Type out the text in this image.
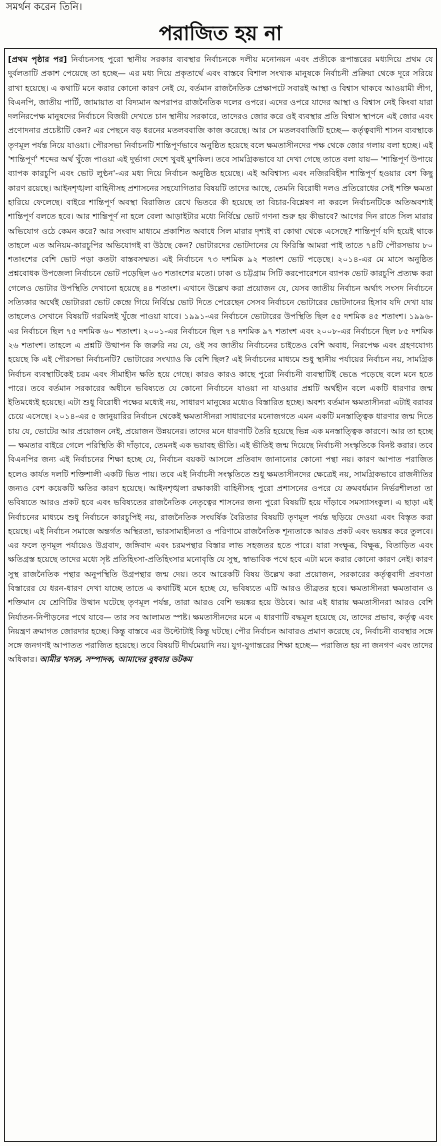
সমর্থন করেন তিনি।
পরাজিত হয় না
[প্রথম পৃষ্ঠার পর] নির্বাচনসহ পুরো স্থানীয় সরকার ব্যবস্থার নির্বাচনকে দলীয় মনোনয়ন এবং প্রতীকে রূপান্তরের মধ্যদিয়ে প্রথম যে দুর্বলতাটি প্রকাশ পেয়েছে তা হচ্ছে— এর মধ্য দিয়ে প্রকৃতার্থে এবং বাস্তবে বিশাল সংখ্যক মানুষকে নির্বাচনী প্রক্রিয়া থেকে দূরে সরিয়ে রাখা হয়েছে। এ কথাটি মনে করার কোনো কারণ নেই যে, বর্তমান রাজনৈতিক প্রেক্ষাপটে সবারই আস্থা ও বিশ্বাস থাকবে আওয়ামী লীগ, বিএনপি, জাতীয় পার্টি, জামায়াত বা বিদ্যমান অপরাপর রাজনৈতিক দলের ওপরে। এদের ওপরে যাদের আস্থা ও বিশ্বাস নেই কিংবা যারা দলনিরপেক্ষ মানুষদের নির্বাচনে বিজয়ী দেখতে চান স্থানীয় সরকারে, তাদেরও জোর করে ওই ব্যবস্থার প্রতি বিশ্বাস স্থাপনে এই জোর এবং প্রণোদনার প্রচেষ্টাটি কেন? এর পেছনে বড় ধরনের মতলববাজি কাজ করেছে। আর সে মতলববাজিটি হচ্ছে— কর্তৃত্ববাদী শাসন ব্যবস্থাকে তৃণমূল পর্যন্ত নিয়ে যাওয়া। পৌরসভা নির্বাচনটি শান্তিপূর্ণভাবে অনুষ্ঠিত হয়েছে বলে ক্ষমতাসীনদের পক্ষ থেকে জোর গলায় বলা হচ্ছে। এই 'শান্তিপূর্ণ' শব্দের অর্থ খুঁজে পাওয়া এই দুর্ভাগা দেশে খুবই মুশকিল। তবে সামগ্রিকভাবে যা দেখা গেছে তাতে বলা যায়— 'শান্তিপূর্ণ উপায়ে ব্যাপক কারচুপি এবং ভোট লুণ্ঠন'-এর মধ্য দিয়ে নির্বাচন অনুষ্ঠিত হয়েছে। এই অবিশ্বাস্য এবং নজিরবিহীন শান্তিপূর্ণ হওয়ার বেশ কিছু কারণ রয়েছে। আইনশৃঙ্খলা বাহিনীসহ প্রশাসনের সহযোগিতার বিষয়টি তাদের আছে, তেমনি বিরোধী দলও প্রতিরোধের সেই শক্তি ক্ষমতা হারিয়ে ফেলেছে। বাইরে শান্তিপূর্ণ অবস্থা বিরাজিত রেখে ভিতরে কী হয়েছে তা বিচার-বিশ্লেষণ না করলে নির্বাচনটিকে অতিঅবশ্যই শান্তিপূর্ণ বলতে হবে। আর শান্তিপূর্ণ না হলে বেলা আড়াইটার মধ্যে নির্বিঘ্নে ভোট গণনা শুরু হয় কীভাবে? আগের দিন রাতে সিল মারার অভিযোগ ওঠে কেমন করে? আর সংবাদ মাধ্যমে প্রকাশিত অবাধে সিল মারার দৃশ্যই বা কোথা থেকে এসেছে? শান্তিপূর্ণ যদি হয়েই থাকে তাহলে এত অনিয়ম-কারচুপির অভিযোগই বা উঠছে কেন? ভোটারদের ভোটদানের যে ফিরিস্তি আমরা পাই তাতে ৭৪টি পৌরসভায় ৮০ শতাংশের বেশি ভোট পড়া কতটা বাস্তবসম্মত। এই নির্বাচনে ৭৩ দশমিক ৯২ শতাংশ ভোট পড়েছে। ২০১৪-এর মে মাসে অনুষ্ঠিত প্রশ্নবোধক উপজেলা নির্বাচনে ভোট পড়েছিল ৬৩ শতাংশের মতো। ঢাকা ও চট্টগ্রাম সিটি করপোরেশনে ব্যাপক ভোট কারচুপি প্রত্যক্ষ করা গেলেও ভোটার উপস্থিতি দেখানো হয়েছে ৪৪ শতাংশ। এখানে উল্লেখ করা প্রয়োজন যে, যেসব জাতীয় নির্বাচন অর্থাৎ সংসদ নির্বাচনে সত্যিকার অর্থেই ভোটাররা ভোট কেন্দ্রে গিয়ে নির্বিঘ্নে ভোট দিতে পেরেছেন সেসব নির্বাচনে ভোটারের ভোটদানের হিসাব যদি দেখা যায় তাহলেও সেখানে বিষয়টি গরমিলই খুঁজে পাওয়া যাবে। ১৯৯১-এর নির্বাচনে ভোটারের উপস্থিতি ছিল ৫৫ দশমিক ৪৫ শতাংশ। ১৯৯৬-এর নির্বাচনে ছিল ৭৫ দশমিক ৬০ শতাংশ। ২০০১-এর নির্বাচনে ছিল ৭৪ দশমিক ৯৭ শতাংশ এবং ২০০৮-এর নির্বাচনে ছিল ৮৫ দশমিক ২৬ শতাংশ। তাহলে এ প্রশ্নটি উত্থাপন কি জরুরি নয় যে, ওই সব জাতীয় নির্বাচনের চাইতেও বেশি অবাধ, নিরপেক্ষ এবং গ্রহণযোগ্য হয়েছে কি এই পৌরসভা নির্বাচনটি? ভোটারের সংখ্যাও কি বেশি ছিল? এই নির্বাচনের মাধ্যমে শুধু স্থানীয় পর্যায়ের নির্বাচন নয়, সামগ্রিক নির্বাচন ব্যবস্থাটিকেই চরম এবং সীমাহীন ক্ষতি হয়ে গেছে। কারও কারও কাছে পুরো নির্বাচনী ব্যবস্থাটিই ভেঙে পড়েছে বলে মনে হতে পারে। তবে বর্তমান সরকারের অধীনে ভবিষ্যতে যে কোনো নির্বাচনে যাওয়া না যাওয়ার প্রশ্নটি অর্থহীন বলে একটি ধারণার জন্ম ইতিমধ্যেই হয়েছে। এটা শুধু বিরোধী পক্ষের মধ্যেই নয়, সাধারণ মানুষের মধ্যেও বিস্তারিত হচ্ছে। অবশ্য বর্তমান ক্ষমতাসীনরা এটাই বরাবর চেয়ে এসেছে। ২০১৪-এর ৫ জানুয়ারির নির্বাচন থেকেই ক্ষমতাসীনরা সাধারণের মনোজগতে এমন একটি মনস্তাত্ত্বিক ধারণার জন্ম দিতে চায় যে, ভোটের আর প্রয়োজন নেই, প্রয়োজন উন্নয়নের। তাদের মনে ধারণাটি তৈরি হয়েছে ভিন্ন এক মনস্তাত্ত্বিক কারণে। আর তা হচ্ছে— ক্ষমতার বাইরে গেলে পরিস্থিতি কী দাঁড়াবে, তেমনই এক ভয়াবহ ভীতি। এই ভীতিই জন্ম দিয়েছে নির্বাচনী সংস্কৃতিকে বিনষ্ট করার। তবে বিএনপির জন্য এই নির্বাচনের শিক্ষা হচ্ছে যে, নির্বাচন বয়কট আসলে প্রতিবাদ জানানোর কোনো পন্থা নয়। কারণ আপাত পরাজিত হলেও কার্যত দলটি শক্তিশালী একটি ভিত পায়। তবে এই নির্বাচনী সংস্কৃতিতে শুধু ক্ষমতাসীনদের ক্ষেত্রেই নয়, সামগ্রিকভাবে রাজনীতির জন্যও বেশ কয়েকটি ক্ষতির কারণ হয়েছে। আইনশৃঙ্খলা রক্ষাকারী বাহিনীসহ পুরো প্রশাসনের ওপরে যে ক্রমবর্ধমান নির্ভরশীলতা তা ভবিষ্যতে আরও প্রকট হবে এবং ভবিষ্যতের রাজনৈতিক নেতৃত্বের শাসনের জন্য পুরো বিষয়টি হয়ে দাঁড়াবে সমস্যাসংকুল। এ ছাড়া এই নির্বাচনের মাধ্যমে শুধু নির্বাচনে কারচুপিই নয়, রাজনৈতিক সংঘর্ষিক বৈরিতার বিষয়টি তৃণমূল পর্যন্ত ছড়িয়ে দেওয়া এবং বিস্তৃত করা হয়েছে। এই নির্বাচন সমাজে অন্তর্গত অস্থিরতা, ভারসাম্যহীনতা ও পরিণামে রাজনৈতিক শূন্যতাকে আরও প্রকট এবং ভয়ঙ্কর করে তুলবে। এর ফলে তৃণমূল পর্যায়েও উগ্রবাদ, জঙ্গিবাদ এবং চরমপন্থার বিস্তার লাভ সহজতর হতে পারে। যারা সংক্ষুব্ধ, বিক্ষুব্ধ, বিতাড়িত এবং ক্ষতিগ্রস্ত হয়েছে তাদের মধ্যে সৃষ্ট প্রতিহিংসা-প্রতিহিংসার মনোবৃত্তি যে সুস্থ, স্বাভাবিক পথে হবে এটা মনে করার কোনো কারণ নেই। কারণ সুস্থ রাজনৈতিক পন্থার অনুপস্থিতি উগ্রপন্থার জন্ম দেয়। তবে আরেকটি বিষয় উল্লেখ করা প্রয়োজন, সরকারের কর্তৃত্ববাদী প্রবণতা বিস্তারের যে ধরন-ধারণ দেখা যাচ্ছে তাতে এ কথাটিই মনে হচ্ছে যে, ভবিষ্যতে এটি আরও তীব্রতর হবে। ক্ষমতাসীনরা ক্ষমতাবান ও শক্তিমান যে শ্রেণিটির উত্থান ঘটেছে তৃণমূল পর্যন্ত, তারা আরও বেশি ভয়ঙ্কর হয়ে উঠবে। আর এই ধারায় ক্ষমতাসীনরা আরও বেশি নির্যাতন-নিপীড়নের পথে যাবে— তার সব আলামত স্পষ্ট। ক্ষমতাসীনদের মনে এ ধারণাটি বদ্ধমূল হয়েছে যে, তাদের প্রভাব, কর্তৃত্ব এবং নিয়ন্ত্রণ ক্রমাগত জোরদার হচ্ছে। কিন্তু বাস্তবে এর উল্টোটাই কিন্তু ঘটছে। পৌর নির্বাচন আবারও প্রমাণ করেছে যে, নির্বাচনী ব্যবস্থার সঙ্গে সঙ্গে জনগণই আপাতত পরাজিত হয়েছে। তবে বিষয়টি দীর্ঘমেয়াদি নয়। যুগ-যুগান্তরের শিক্ষা হচ্ছে— পরাজিত হয় না জনগণ এবং তাদের অধিকার। আমীর খসরু, সম্পাদক, আমাদের বুধবার ডটকম
